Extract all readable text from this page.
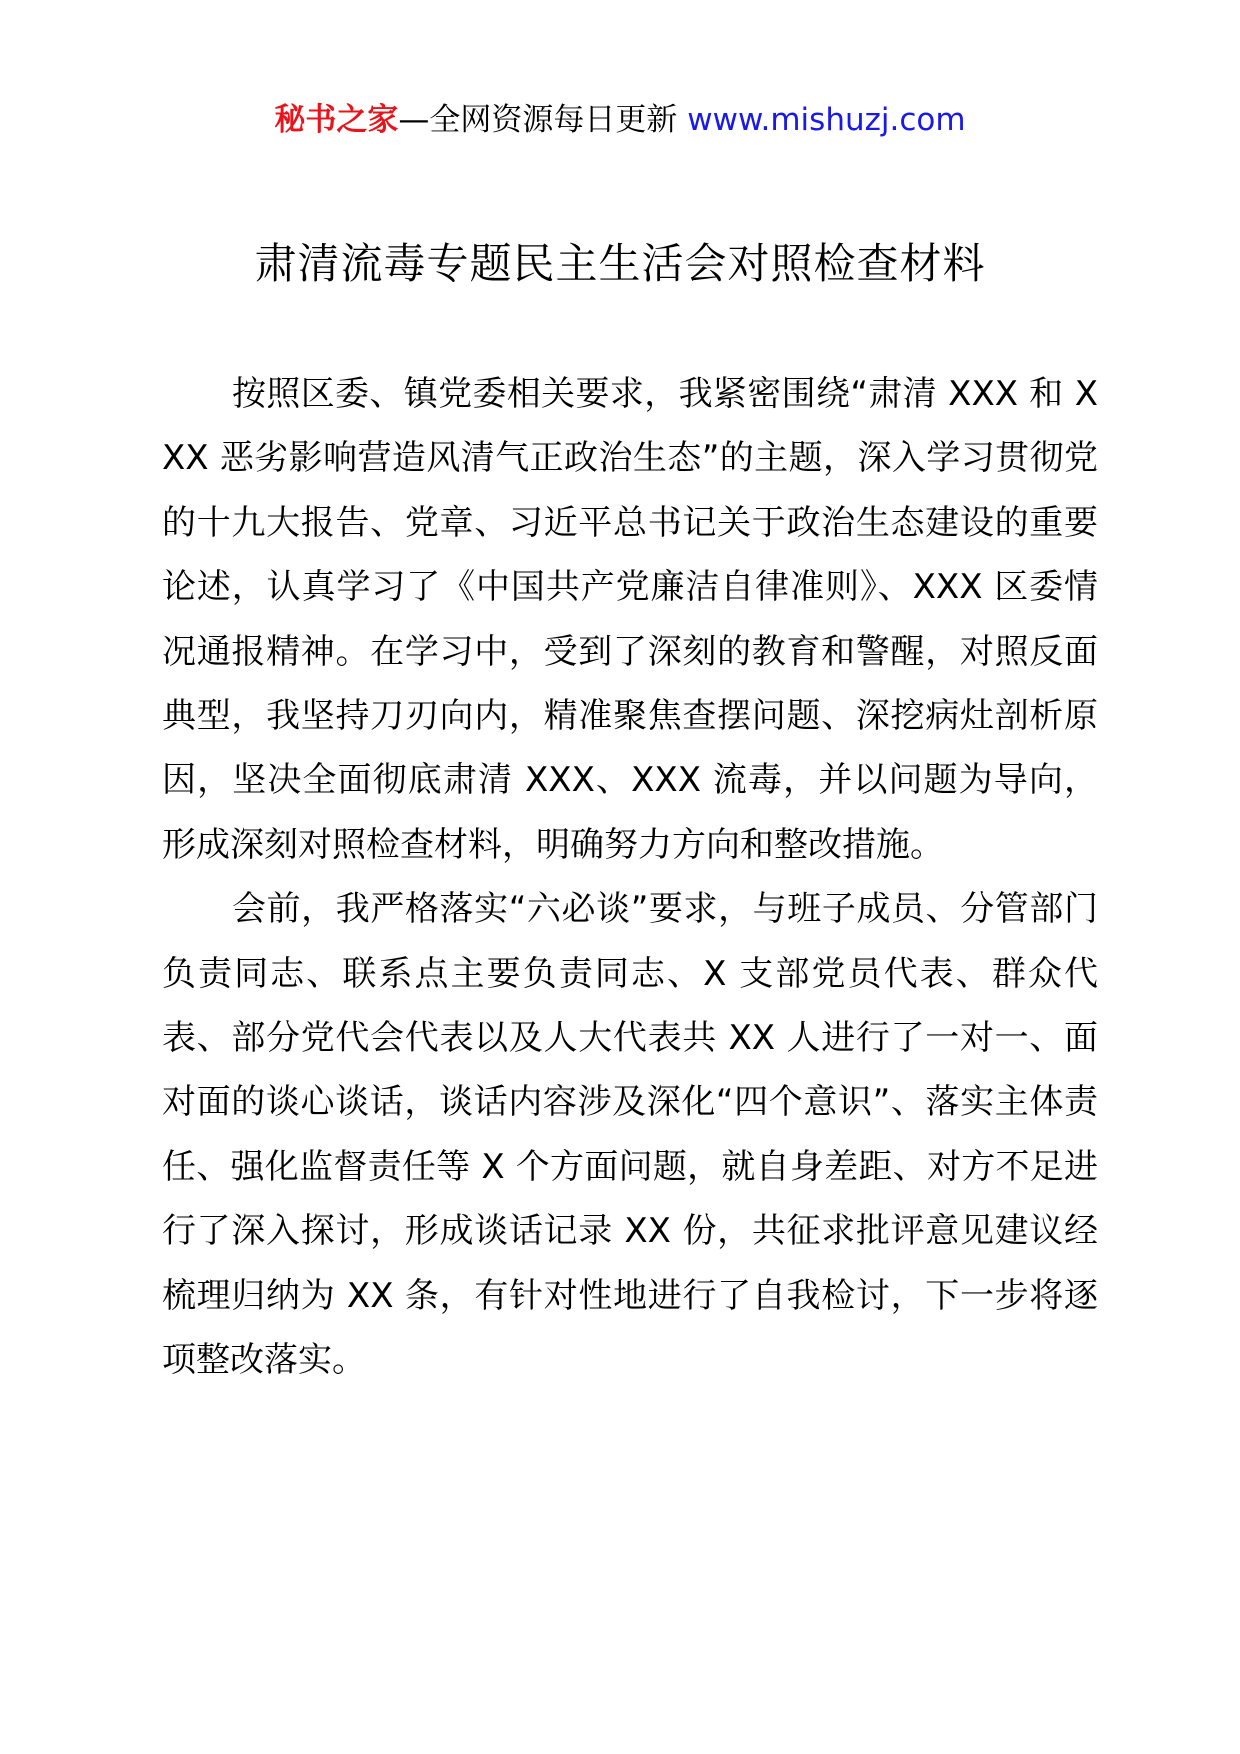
秘书之家—全网资源每日更新 www.mishuzj.com
肃清流毒专题民主生活会对照检查材料

按照区委、镇党委相关要求，我紧密围绕“肃清 XXX 和 XXX 恶劣影响营造风清气正政治生态”的主题，深入学习贯彻党的十九大报告、党章、习近平总书记关于政治生态建设的重要论述，认真学习了《中国共产党廉洁自律准则》、XXX 区委情况通报精神。在学习中，受到了深刻的教育和警醒，对照反面典型，我坚持刀刃向内，精准聚焦查摆问题、深挖病灶剖析原因，坚决全面彻底肃清 XXX、XXX 流毒，并以问题为导向，形成深刻对照检查材料，明确努力方向和整改措施。

会前，我严格落实“六必谈”要求，与班子成员、分管部门负责同志、联系点主要负责同志、X 支部党员代表、群众代表、部分党代会代表以及人大代表共 XX 人进行了一对一、面对面的谈心谈话，谈话内容涉及深化“四个意识”、落实主体责任、强化监督责任等 X 个方面问题，就自身差距、对方不足进行了深入探讨，形成谈话记录 XX 份，共征求批评意见建议经梳理归纳为 XX 条，有针对性地进行了自我检讨，下一步将逐项整改落实。
